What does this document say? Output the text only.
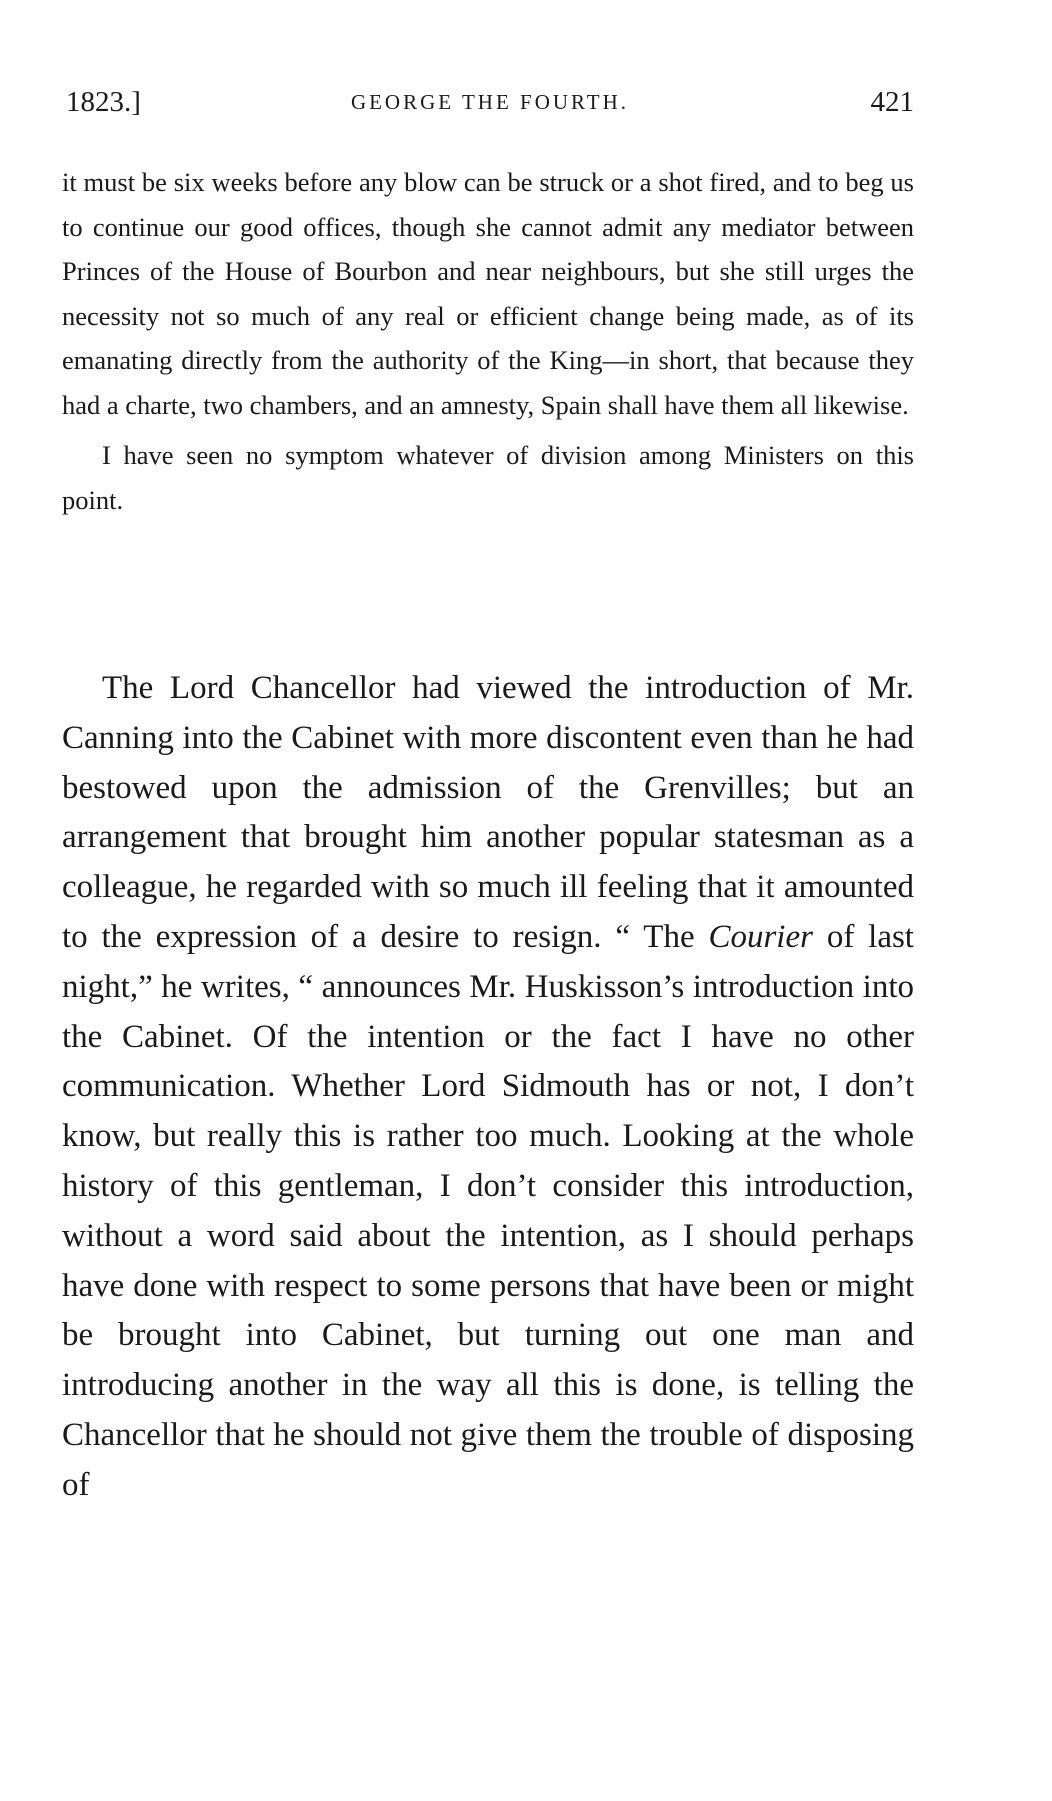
1823.]	GEORGE THE FOURTH.	421

it must be six weeks before any blow can be struck or a shot fired, and to beg us to continue our good offices, though she cannot admit any mediator between Princes of the House of Bourbon and near neighbours, but she still urges the necessity not so much of any real or efficient change being made, as of its emanating directly from the authority of the King—in short, that because they had a charte, two chambers, and an amnesty, Spain shall have them all likewise.

I have seen no symptom whatever of division among Ministers on this point.

The Lord Chancellor had viewed the introduction of Mr. Canning into the Cabinet with more discontent even than he had bestowed upon the admission of the Grenvilles; but an arrangement that brought him another popular statesman as a colleague, he regarded with so much ill feeling that it amounted to the expression of a desire to resign. “ The Courier of last night,” he writes, “ announces Mr. Huskisson’s introduction into the Cabinet. Of the intention or the fact I have no other communication. Whether Lord Sidmouth has or not, I don’t know, but really this is rather too much. Looking at the whole history of this gentleman, I don’t consider this introduction, without a word said about the intention, as I should perhaps have done with respect to some persons that have been or might be brought into Cabinet, but turning out one man and introducing another in the way all this is done, is telling the Chancellor that he should not give them the trouble of disposing of
